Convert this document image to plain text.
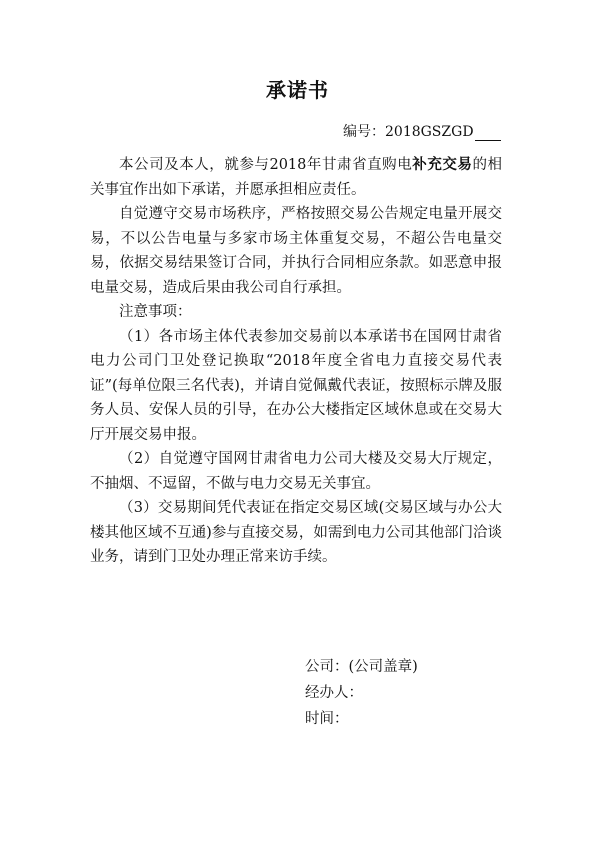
承诺书
编号：2018GSZGD

本公司及本人，就参与2018年甘肃省直购电补充交易的相关事宜作出如下承诺，并愿承担相应责任。

自觉遵守交易市场秩序，严格按照交易公告规定电量开展交易，不以公告电量与多家市场主体重复交易，不超公告电量交易，依据交易结果签订合同，并执行合同相应条款。如恶意申报电量交易，造成后果由我公司自行承担。

注意事项：

（1）各市场主体代表参加交易前以本承诺书在国网甘肃省电力公司门卫处登记换取“2018年度全省电力直接交易代表证”(每单位限三名代表)，并请自觉佩戴代表证，按照标示牌及服务人员、安保人员的引导，在办公大楼指定区域休息或在交易大厅开展交易申报。

（2）自觉遵守国网甘肃省电力公司大楼及交易大厅规定，不抽烟、不逗留，不做与电力交易无关事宜。

（3）交易期间凭代表证在指定交易区域(交易区域与办公大楼其他区域不互通)参与直接交易，如需到电力公司其他部门洽谈业务，请到门卫处办理正常来访手续。

公司：(公司盖章)
经办人：
时间：
